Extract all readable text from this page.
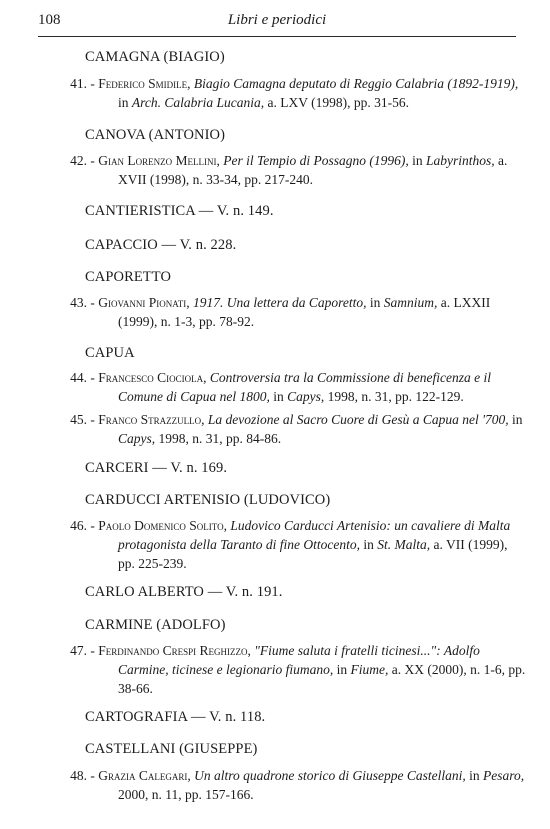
108	Libri e periodici
CAMAGNA (BIAGIO)
41. - Federico Smidile, Biagio Camagna deputato di Reggio Calabria (1892-1919),
in Arch. Calabria Lucania, a. LXV (1998), pp. 31-56.
CANOVA (ANTONIO)
42. - Gian Lorenzo Mellini, Per il Tempio di Possagno (1996), in Labyrinthos, a.
XVII (1998), n. 33-34, pp. 217-240.
CANTIERISTICA — V. n. 149.
CAPACCIO — V. n. 228.
CAPORETTO
43. - Giovanni Pionati, 1917. Una lettera da Caporetto, in Samnium, a. LXXII
(1999), n. 1-3, pp. 78-92.
CAPUA
44. - Francesco Ciociola, Controversia tra la Commissione di beneficenza e il
Comune di Capua nel 1800, in Capys, 1998, n. 31, pp. 122-129.
45. - Franco Strazzullo, La devozione al Sacro Cuore di Gesù a Capua nel '700, in
Capys, 1998, n. 31, pp. 84-86.
CARCERI — V. n. 169.
CARDUCCI ARTENISIO (LUDOVICO)
46. - Paolo Domenico Solito, Ludovico Carducci Artenisio: un cavaliere di Malta
protagonista della Taranto di fine Ottocento, in St. Malta, a. VII (1999),
pp. 225-239.
CARLO ALBERTO — V. n. 191.
CARMINE (ADOLFO)
47. - Ferdinando Crespi Reghizzo, "Fiume saluta i fratelli ticinesi...": Adolfo
Carmine, ticinese e legionario fiumano, in Fiume, a. XX (2000), n. 1-6, pp.
38-66.
CARTOGRAFIA — V. n. 118.
CASTELLANI (GIUSEPPE)
48. - Grazia Calegari, Un altro quadrone storico di Giuseppe Castellani, in Pesaro,
2000, n. 11, pp. 157-166.
